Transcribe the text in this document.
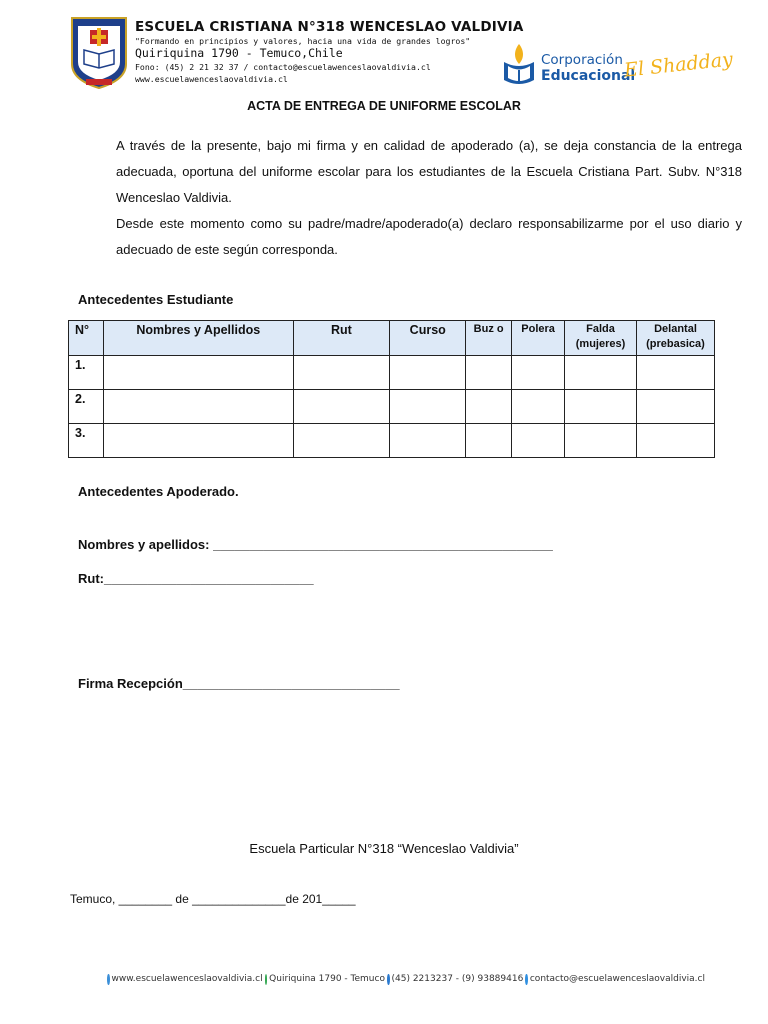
ESCUELA CRISTIANA N°318 WENCESLAO VALDIVIA
"Formando en principios y valores, hacia una vida de grandes logros"
Quiriquina 1790 - Temuco,Chile
Fono: (45) 2 21 32 37 / contacto@escuelawenceslaovaldivia.cl
www.escuelawenceslaovaldivia.cl
Corporación
Educacional
El Shadday
ACTA DE ENTREGA DE UNIFORME ESCOLAR
A través de la presente, bajo mi firma y en calidad de apoderado (a), se deja constancia de la entrega adecuada, oportuna del uniforme escolar para los estudiantes de la Escuela Cristiana Part. Subv. N°318 Wenceslao Valdivia.
Desde este momento como su padre/madre/apoderado(a) declaro responsabilizarme por el uso diario y adecuado de este según corresponda.
Antecedentes Estudiante
N°	Nombres y Apellidos	Rut	Curso	Buz o	Polera	Falda (mujeres)	Delantal (prebasica)
1.							
2.							
3.							
Antecedentes Apoderado.
Nombres y apellidos: _______________________________________________
Rut:_____________________________
Firma Recepción______________________________
Escuela Particular N°318 “Wenceslao Valdivia”
Temuco, ________ de ______________de 201_____
www.escuelawenceslaovaldivia.cl Quiriquina 1790 - Temuco (45) 2213237 - (9) 93889416 contacto@escuelawenceslaovaldivia.cl
